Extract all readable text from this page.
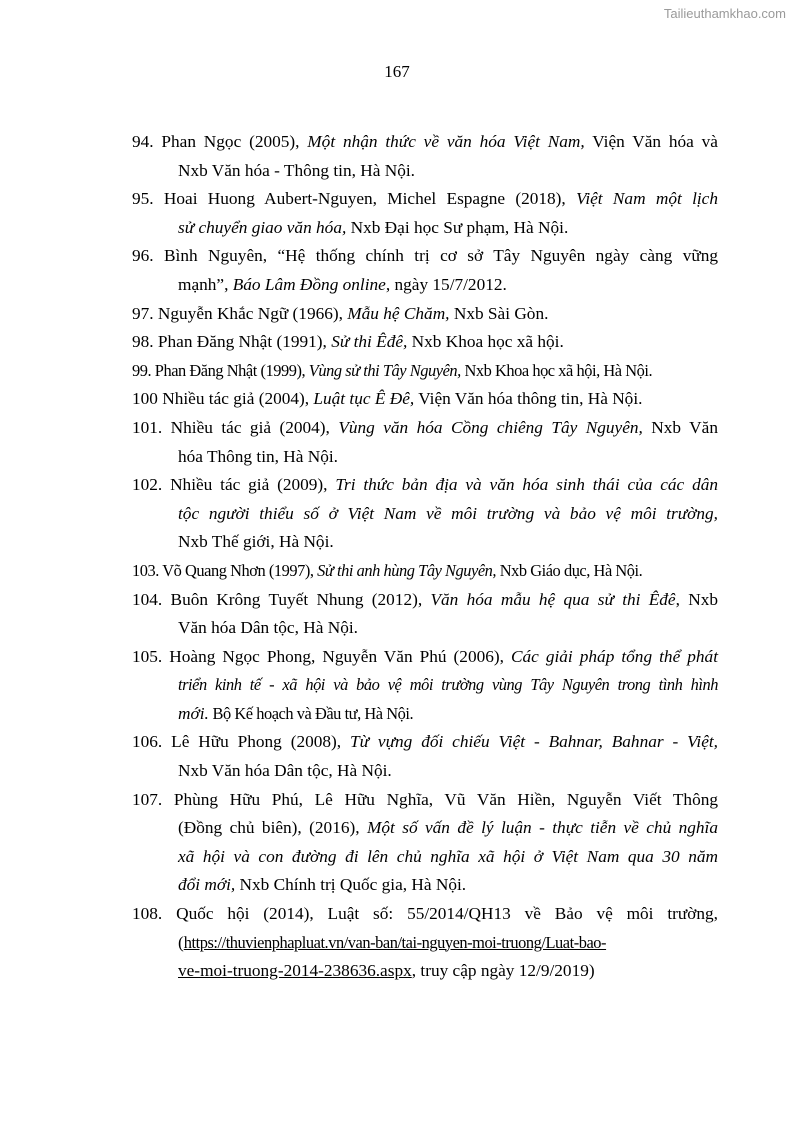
Tailieuthamkhao.com
167
94. Phan Ngọc (2005), Một nhận thức về văn hóa Việt Nam, Viện Văn hóa và
Nxb Văn hóa - Thông tin, Hà Nội.
95. Hoai Huong Aubert-Nguyen, Michel Espagne (2018), Việt Nam một lịch
sử chuyển giao văn hóa, Nxb Đại học Sư phạm, Hà Nội.
96. Bình Nguyên, “Hệ thống chính trị cơ sở Tây Nguyên ngày càng vững
mạnh”, Báo Lâm Đồng online, ngày 15/7/2012.
97. Nguyễn Khắc Ngữ (1966), Mẫu hệ Chăm, Nxb Sài Gòn.
98. Phan Đăng Nhật (1991), Sử thi Êđê, Nxb Khoa học xã hội.
99. Phan Đăng Nhật (1999), Vùng sử thi Tây Nguyên, Nxb Khoa học xã hội, Hà Nội.
100 Nhiều tác giả (2004), Luật tục Ê Đê, Viện Văn hóa thông tin, Hà Nội.
101. Nhiều tác giả (2004), Vùng văn hóa Cồng chiêng Tây Nguyên, Nxb Văn
hóa Thông tin, Hà Nội.
102. Nhiều tác giả (2009), Tri thức bản địa và văn hóa sinh thái của các dân
tộc người thiểu số ở Việt Nam về môi trường và bảo vệ môi trường,
Nxb Thế giới, Hà Nội.
103. Võ Quang Nhơn (1997), Sử thi anh hùng Tây Nguyên, Nxb Giáo dục, Hà Nội.
104. Buôn Krông Tuyết Nhung (2012), Văn hóa mẫu hệ qua sử thi Êđê, Nxb
Văn hóa Dân tộc, Hà Nội.
105. Hoàng Ngọc Phong, Nguyễn Văn Phú (2006), Các giải pháp tổng thể phát
triển kinh tế - xã hội và bảo vệ môi trường vùng Tây Nguyên trong tình hình
mới. Bộ Kế hoạch và Đầu tư, Hà Nội.
106. Lê Hữu Phong (2008), Từ vựng đối chiếu Việt - Bahnar, Bahnar - Việt,
Nxb Văn hóa Dân tộc, Hà Nội.
107. Phùng Hữu Phú, Lê Hữu Nghĩa, Vũ Văn Hiền, Nguyễn Viết Thông
(Đồng chủ biên), (2016), Một số vấn đề lý luận - thực tiễn về chủ nghĩa
xã hội và con đường đi lên chủ nghĩa xã hội ở Việt Nam qua 30 năm
đổi mới, Nxb Chính trị Quốc gia, Hà Nội.
108. Quốc hội (2014), Luật số: 55/2014/QH13 về Bảo vệ môi trường,
(https://thuvienphapluat.vn/van-ban/tai-nguyen-moi-truong/Luat-bao-
ve-moi-truong-2014-238636.aspx, truy cập ngày 12/9/2019)
